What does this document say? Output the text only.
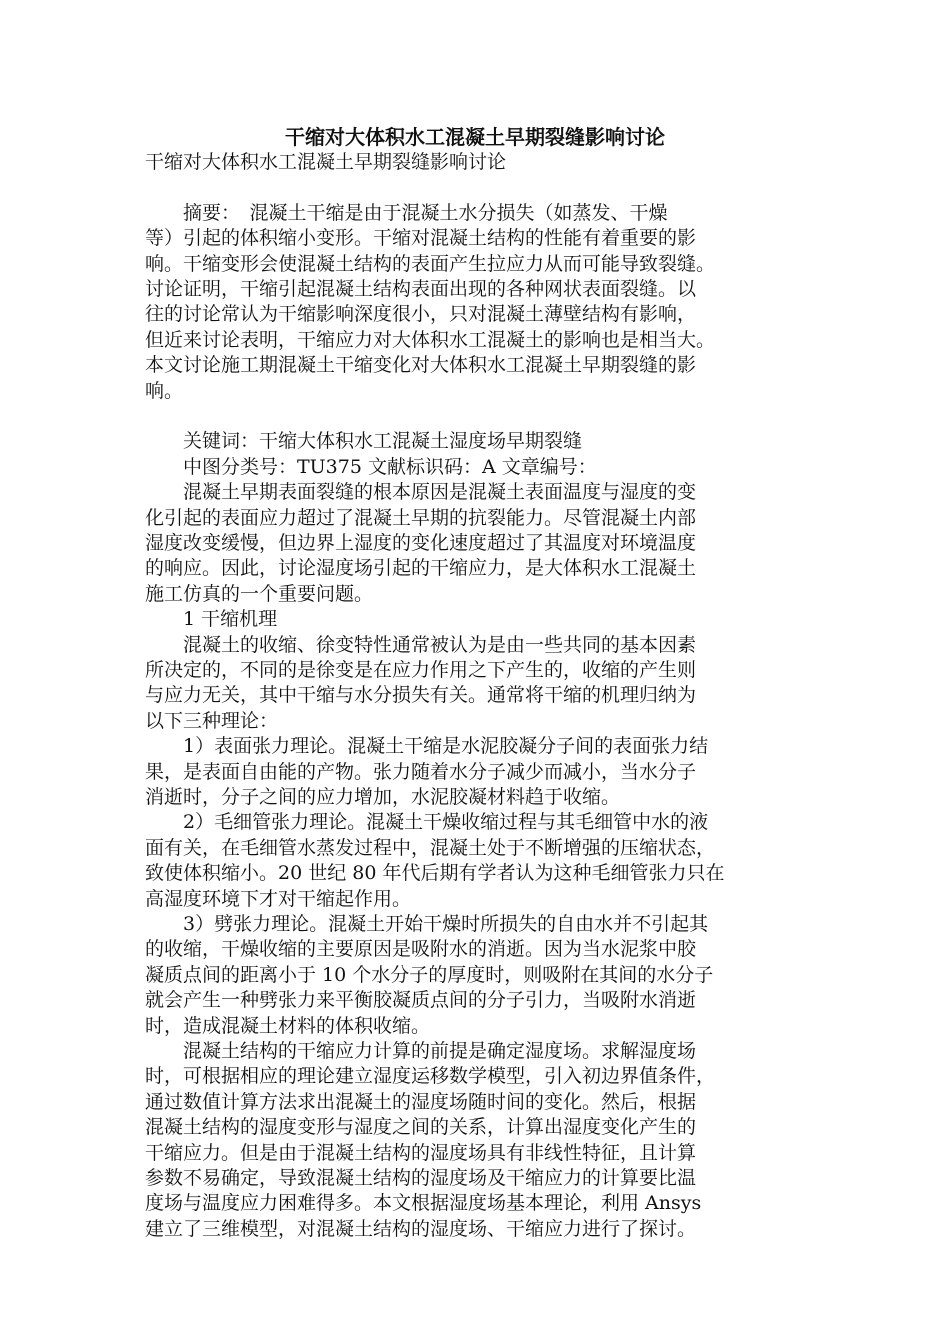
干缩对大体积水工混凝土早期裂缝影响讨论

干缩对大体积水工混凝土早期裂缝影响讨论

　　摘要：　混凝土干缩是由于混凝土水分损失（如蒸发、干燥

等）引起的体积缩小变形。干缩对混凝土结构的性能有着重要的影

响。干缩变形会使混凝土结构的表面产生拉应力从而可能导致裂缝。

讨论证明，干缩引起混凝土结构表面出现的各种网状表面裂缝。以

往的讨论常认为干缩影响深度很小，只对混凝土薄壁结构有影响，

但近来讨论表明，干缩应力对大体积水工混凝土的影响也是相当大。

本文讨论施工期混凝土干缩变化对大体积水工混凝土早期裂缝的影

响。

　　关键词：干缩大体积水工混凝土湿度场早期裂缝

　　中图分类号：TU375 文献标识码：A 文章编号：

　　混凝土早期表面裂缝的根本原因是混凝土表面温度与湿度的变

化引起的表面应力超过了混凝土早期的抗裂能力。尽管混凝土内部

湿度改变缓慢，但边界上湿度的变化速度超过了其温度对环境温度

的响应。因此，讨论湿度场引起的干缩应力，是大体积水工混凝土

施工仿真的一个重要问题。

　　1 干缩机理

　　混凝土的收缩、徐变特性通常被认为是由一些共同的基本因素

所决定的，不同的是徐变是在应力作用之下产生的，收缩的产生则

与应力无关，其中干缩与水分损失有关。通常将干缩的机理归纳为

以下三种理论：

　　1）表面张力理论。混凝土干缩是水泥胶凝分子间的表面张力结

果，是表面自由能的产物。张力随着水分子减少而减小，当水分子

消逝时，分子之间的应力增加，水泥胶凝材料趋于收缩。

　　2）毛细管张力理论。混凝土干燥收缩过程与其毛细管中水的液

面有关，在毛细管水蒸发过程中，混凝土处于不断增强的压缩状态，

致使体积缩小。20 世纪 80 年代后期有学者认为这种毛细管张力只在

高湿度环境下才对干缩起作用。

　　3）劈张力理论。混凝土开始干燥时所损失的自由水并不引起其

的收缩，干燥收缩的主要原因是吸附水的消逝。因为当水泥浆中胶

凝质点间的距离小于 10 个水分子的厚度时，则吸附在其间的水分子

就会产生一种劈张力来平衡胶凝质点间的分子引力，当吸附水消逝

时，造成混凝土材料的体积收缩。

　　混凝土结构的干缩应力计算的前提是确定湿度场。求解湿度场

时，可根据相应的理论建立湿度运移数学模型，引入初边界值条件，

通过数值计算方法求出混凝土的湿度场随时间的变化。然后，根据

混凝土结构的湿度变形与湿度之间的关系，计算出湿度变化产生的

干缩应力。但是由于混凝土结构的湿度场具有非线性特征，且计算

参数不易确定，导致混凝土结构的湿度场及干缩应力的计算要比温

度场与温度应力困难得多。本文根据湿度场基本理论，利用 Ansys

建立了三维模型，对混凝土结构的湿度场、干缩应力进行了探讨。
